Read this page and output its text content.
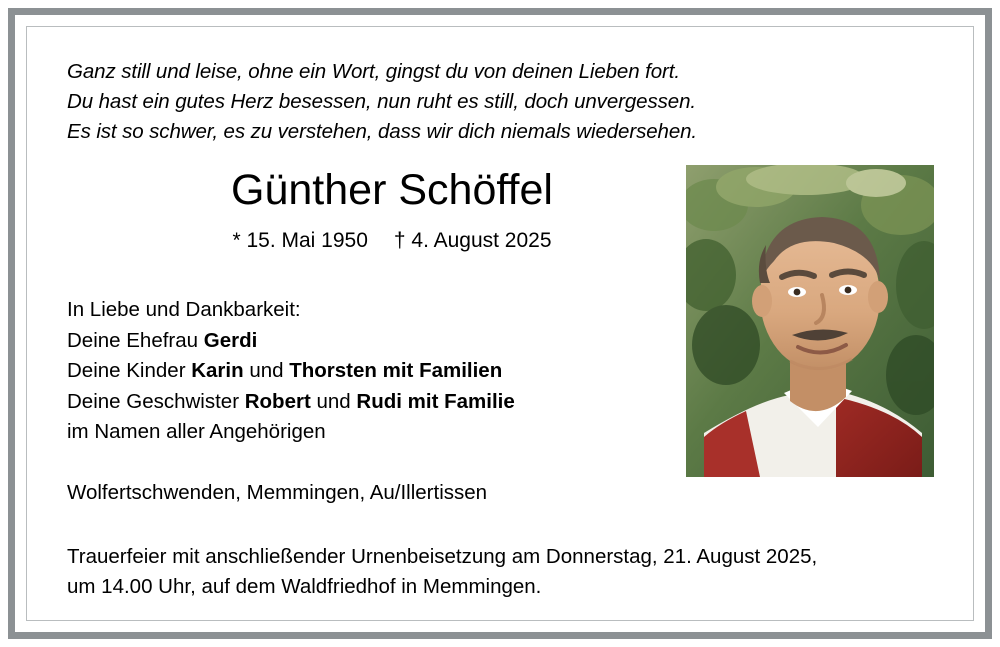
Ganz still und leise, ohne ein Wort, gingst du von deinen Lieben fort.
Du hast ein gutes Herz besessen, nun ruht es still, doch unvergessen.
Es ist so schwer, es zu verstehen, dass wir dich niemals wiedersehen.
Günther Schöffel
* 15. Mai 1950 † 4. August 2025
In Liebe und Dankbarkeit:
Deine Ehefrau Gerdi
Deine Kinder Karin und Thorsten mit Familien
Deine Geschwister Robert und Rudi mit Familie
im Namen aller Angehörigen
Wolfertschwenden, Memmingen, Au/Illertissen
Trauerfeier mit anschließender Urnenbeisetzung am Donnerstag, 21. August 2025,
um 14.00 Uhr, auf dem Waldfriedhof in Memmingen.
